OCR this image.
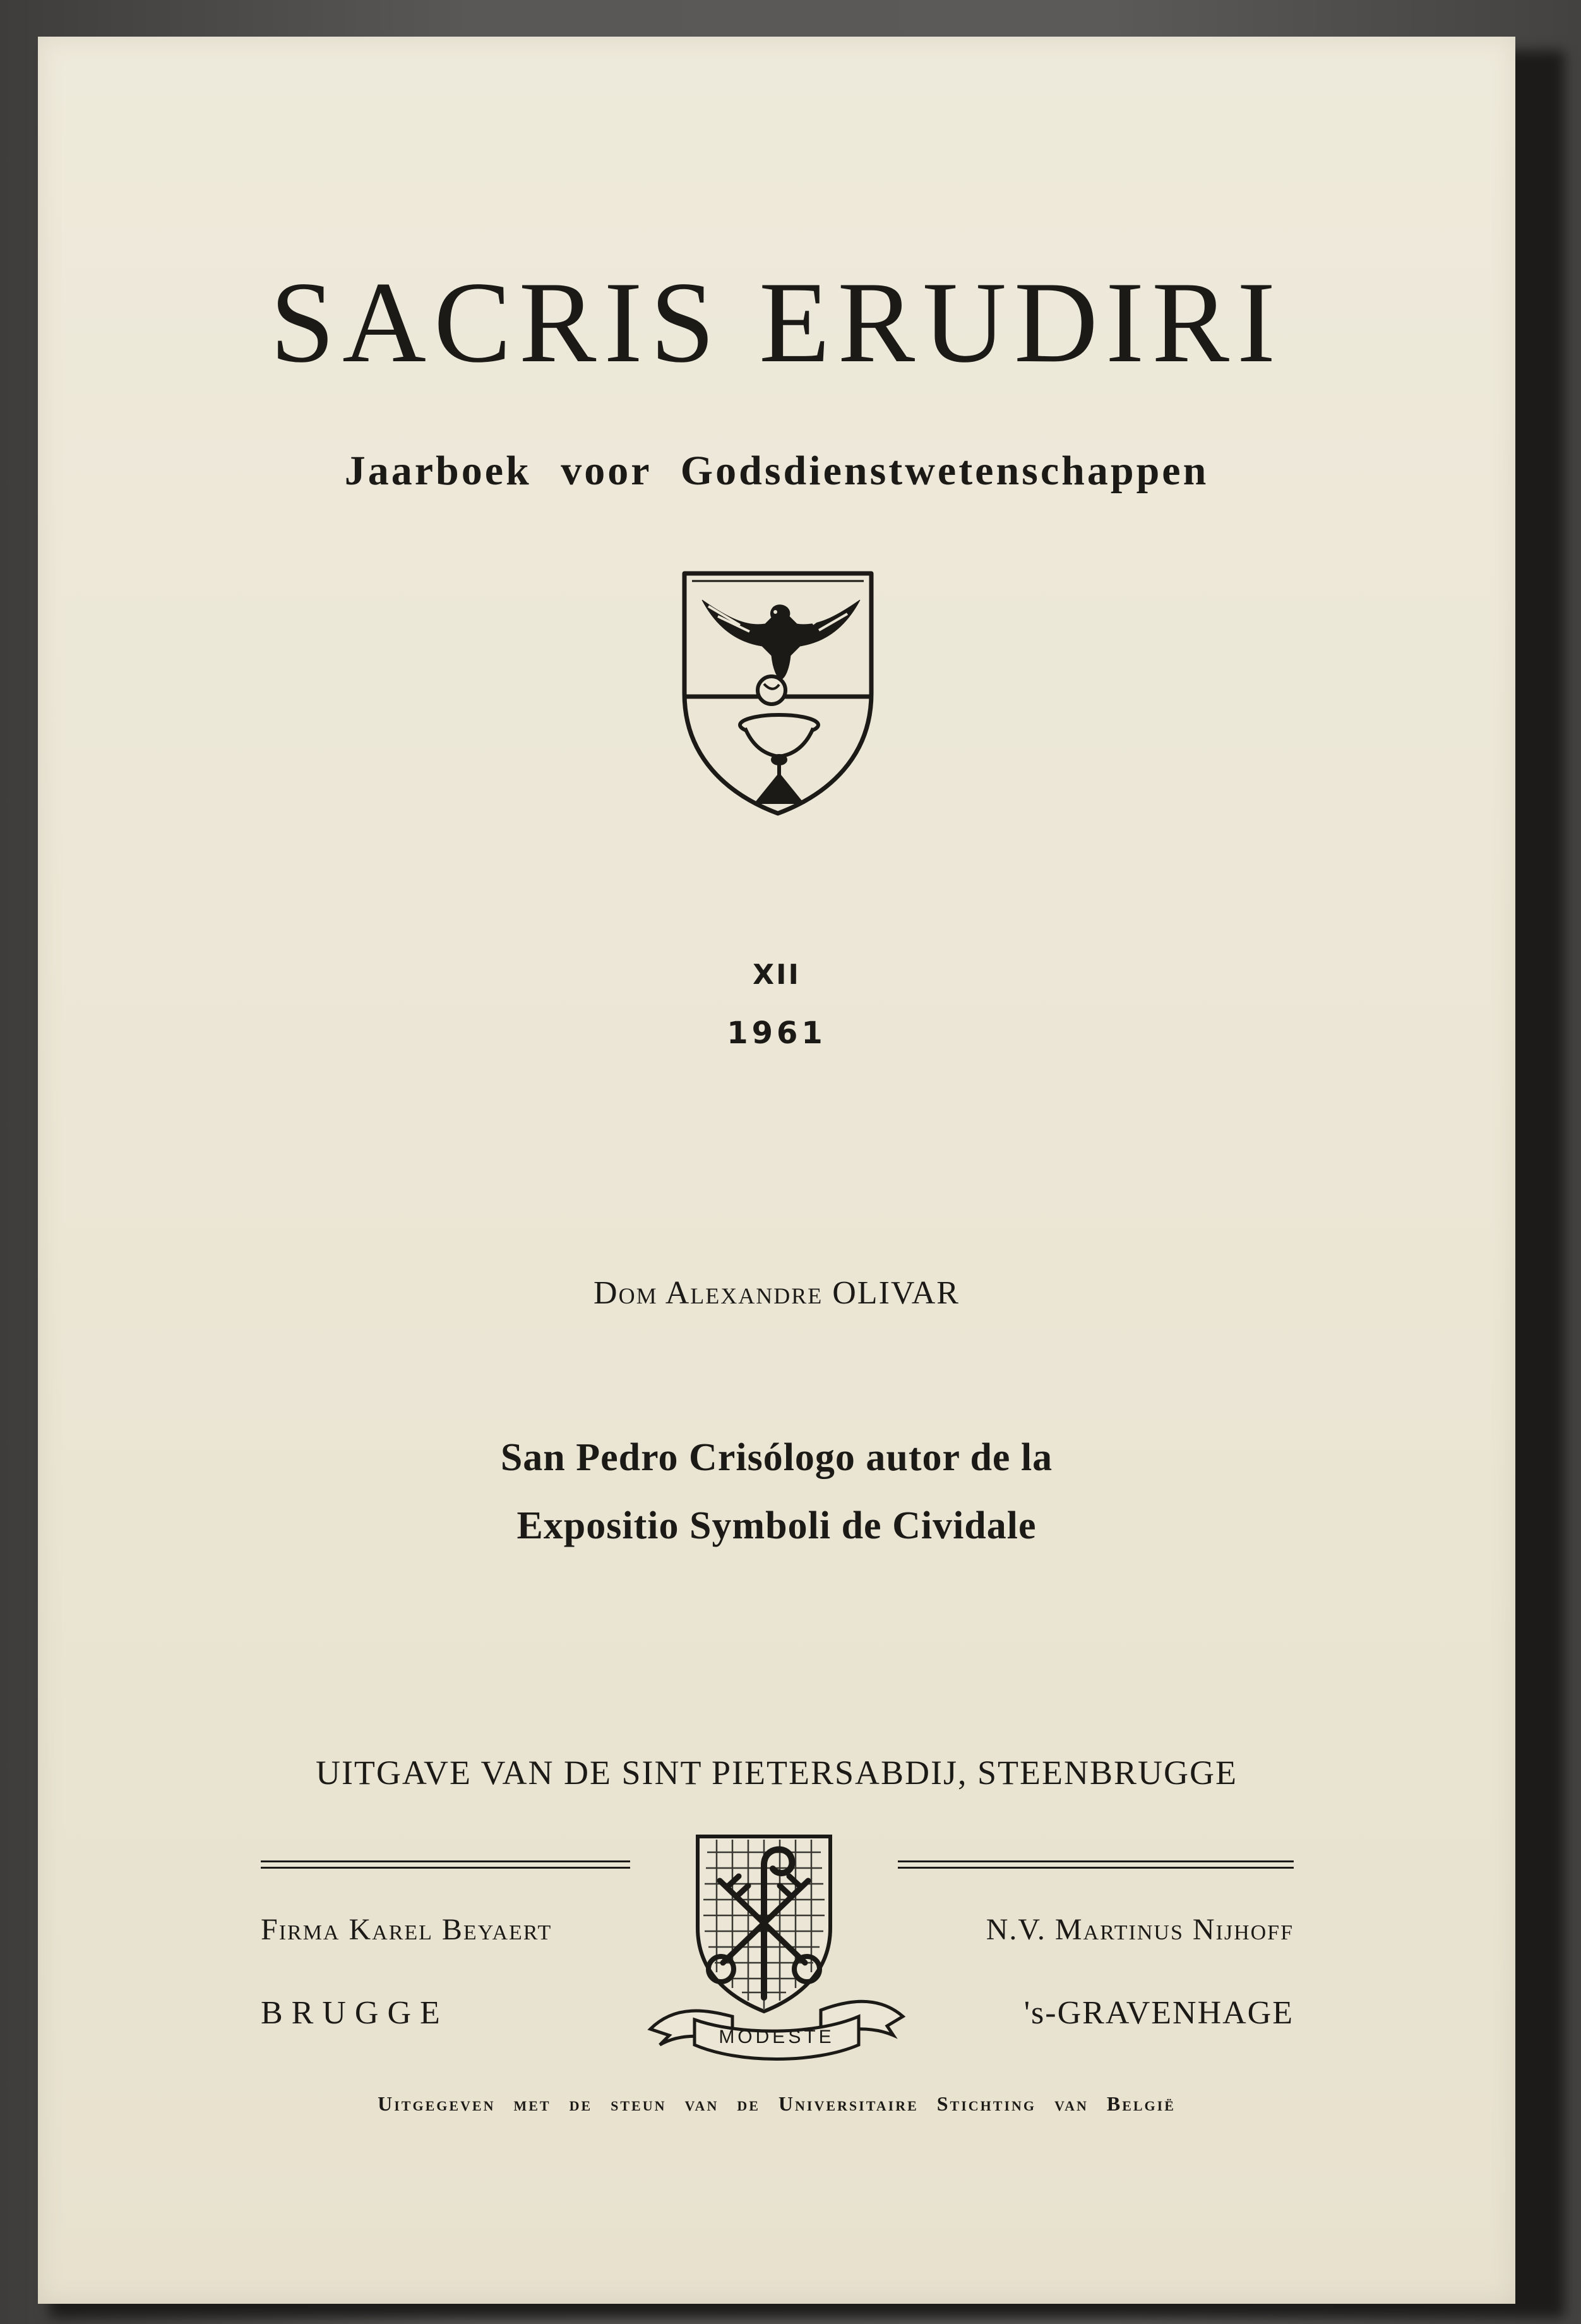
SACRIS ERUDIRI

Jaarboek voor Godsdienstwetenschappen

XII

1961

Dom Alexandre OLIVAR

San Pedro Crisólogo autor de la
Expositio Symboli de Cividale

UITGAVE VAN DE SINT PIETERSABDIJ, STEENBRUGGE

Firma Karel Beyaert

BRUGGE

N.V. Martinus Nijhoff

's-GRAVENHAGE

MODESTE

Uitgegeven met de steun van de Universitaire Stichting van België
